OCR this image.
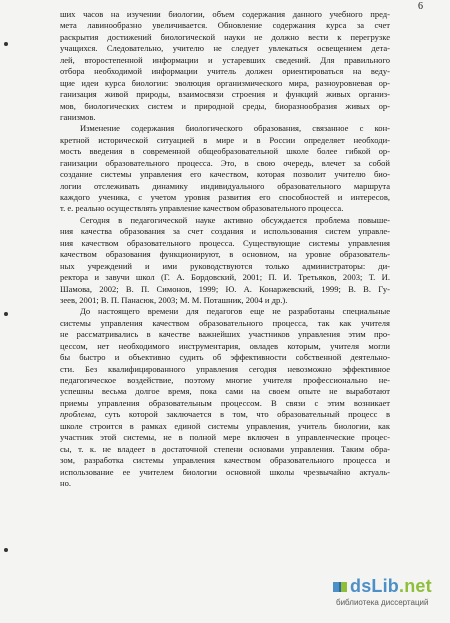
6
ших часов на изучении биологии, объем содержания данного учебного пред-
мета лавинообразно увеличивается. Обновление содержания курса за счет
раскрытия достижений биологической науки не должно вести к перегрузке
учащихся. Следовательно, учителю не следует увлекаться освещением дета-
лей, второстепенной информации и устаревших сведений. Для правильного
отбора необходимой информации учитель должен ориентироваться на веду-
щие идеи курса биологии: эволюция организмического мира, разноуровневая ор-
ганизация живой природы, взаимосвязи строения и функций живых организ-
мов, биологических систем и природной среды, биоразнообразия живых ор-
ганизмов.
Изменение содержания биологического образования, связанное с кон-
кретной исторической ситуацией в мире и в России определяет необходи-
мость введения в современной общеобразовательной школе более гибкой ор-
ганизации образовательного процесса. Это, в свою очередь, влечет за собой
создание системы управления его качеством, которая позволит учителю био-
логии отслеживать динамику индивидуального образовательного маршрута
каждого ученика, с учетом уровня развития его способностей и интересов,
т. е. реально осуществлять управление качеством образовательного процесса.
Сегодня в педагогической науке активно обсуждается проблема повыше-
ния качества образования за счет создания и использования систем управле-
ния качеством образовательного процесса. Существующие системы управления
качеством образования функционируют, в основном, на уровне образователь-
ных учреждений и ими руководствуются только администраторы: ди-
ректора и завучи школ (Г. А. Бордовский, 2001; П. И. Третьяков, 2003; Т. И.
Шамова, 2002; В. П. Симонов, 1999; Ю. А. Конаржевский, 1999; В. В. Гу-
зеев, 2001; В. П. Панасюк, 2003; М. М. Поташник, 2004 и др.).
До настоящего времени для педагогов еще не разработаны специальные
системы управления качеством образовательного процесса, так как учителя
не рассматривались в качестве важнейших участников управления этим про-
цессом, нет необходимого инструментария, овладев которым, учителя могли
бы быстро и объективно судить об эффективности собственной деятельно-
сти. Без квалифицированного управления сегодня невозможно эффективное
педагогическое воздействие, поэтому многие учителя профессионально не-
успешны весьма долгое время, пока сами на своем опыте не выработают
приемы управления образовательным процессом. В связи с этим возникает
проблема, суть которой заключается в том, что образовательный процесс в
школе строится в рамках единой системы управления, учитель биологии, как
участник этой системы, не в полной мере включен в управленческие процес-
сы, т. к. не владеет в достаточной степени основами управления. Таким обра-
зом, разработка системы управления качеством образовательного процесса и
использование ее учителем биологии основной школы чрезвычайно актуаль-
но.
dsLib.net
библиотека диссертаций
